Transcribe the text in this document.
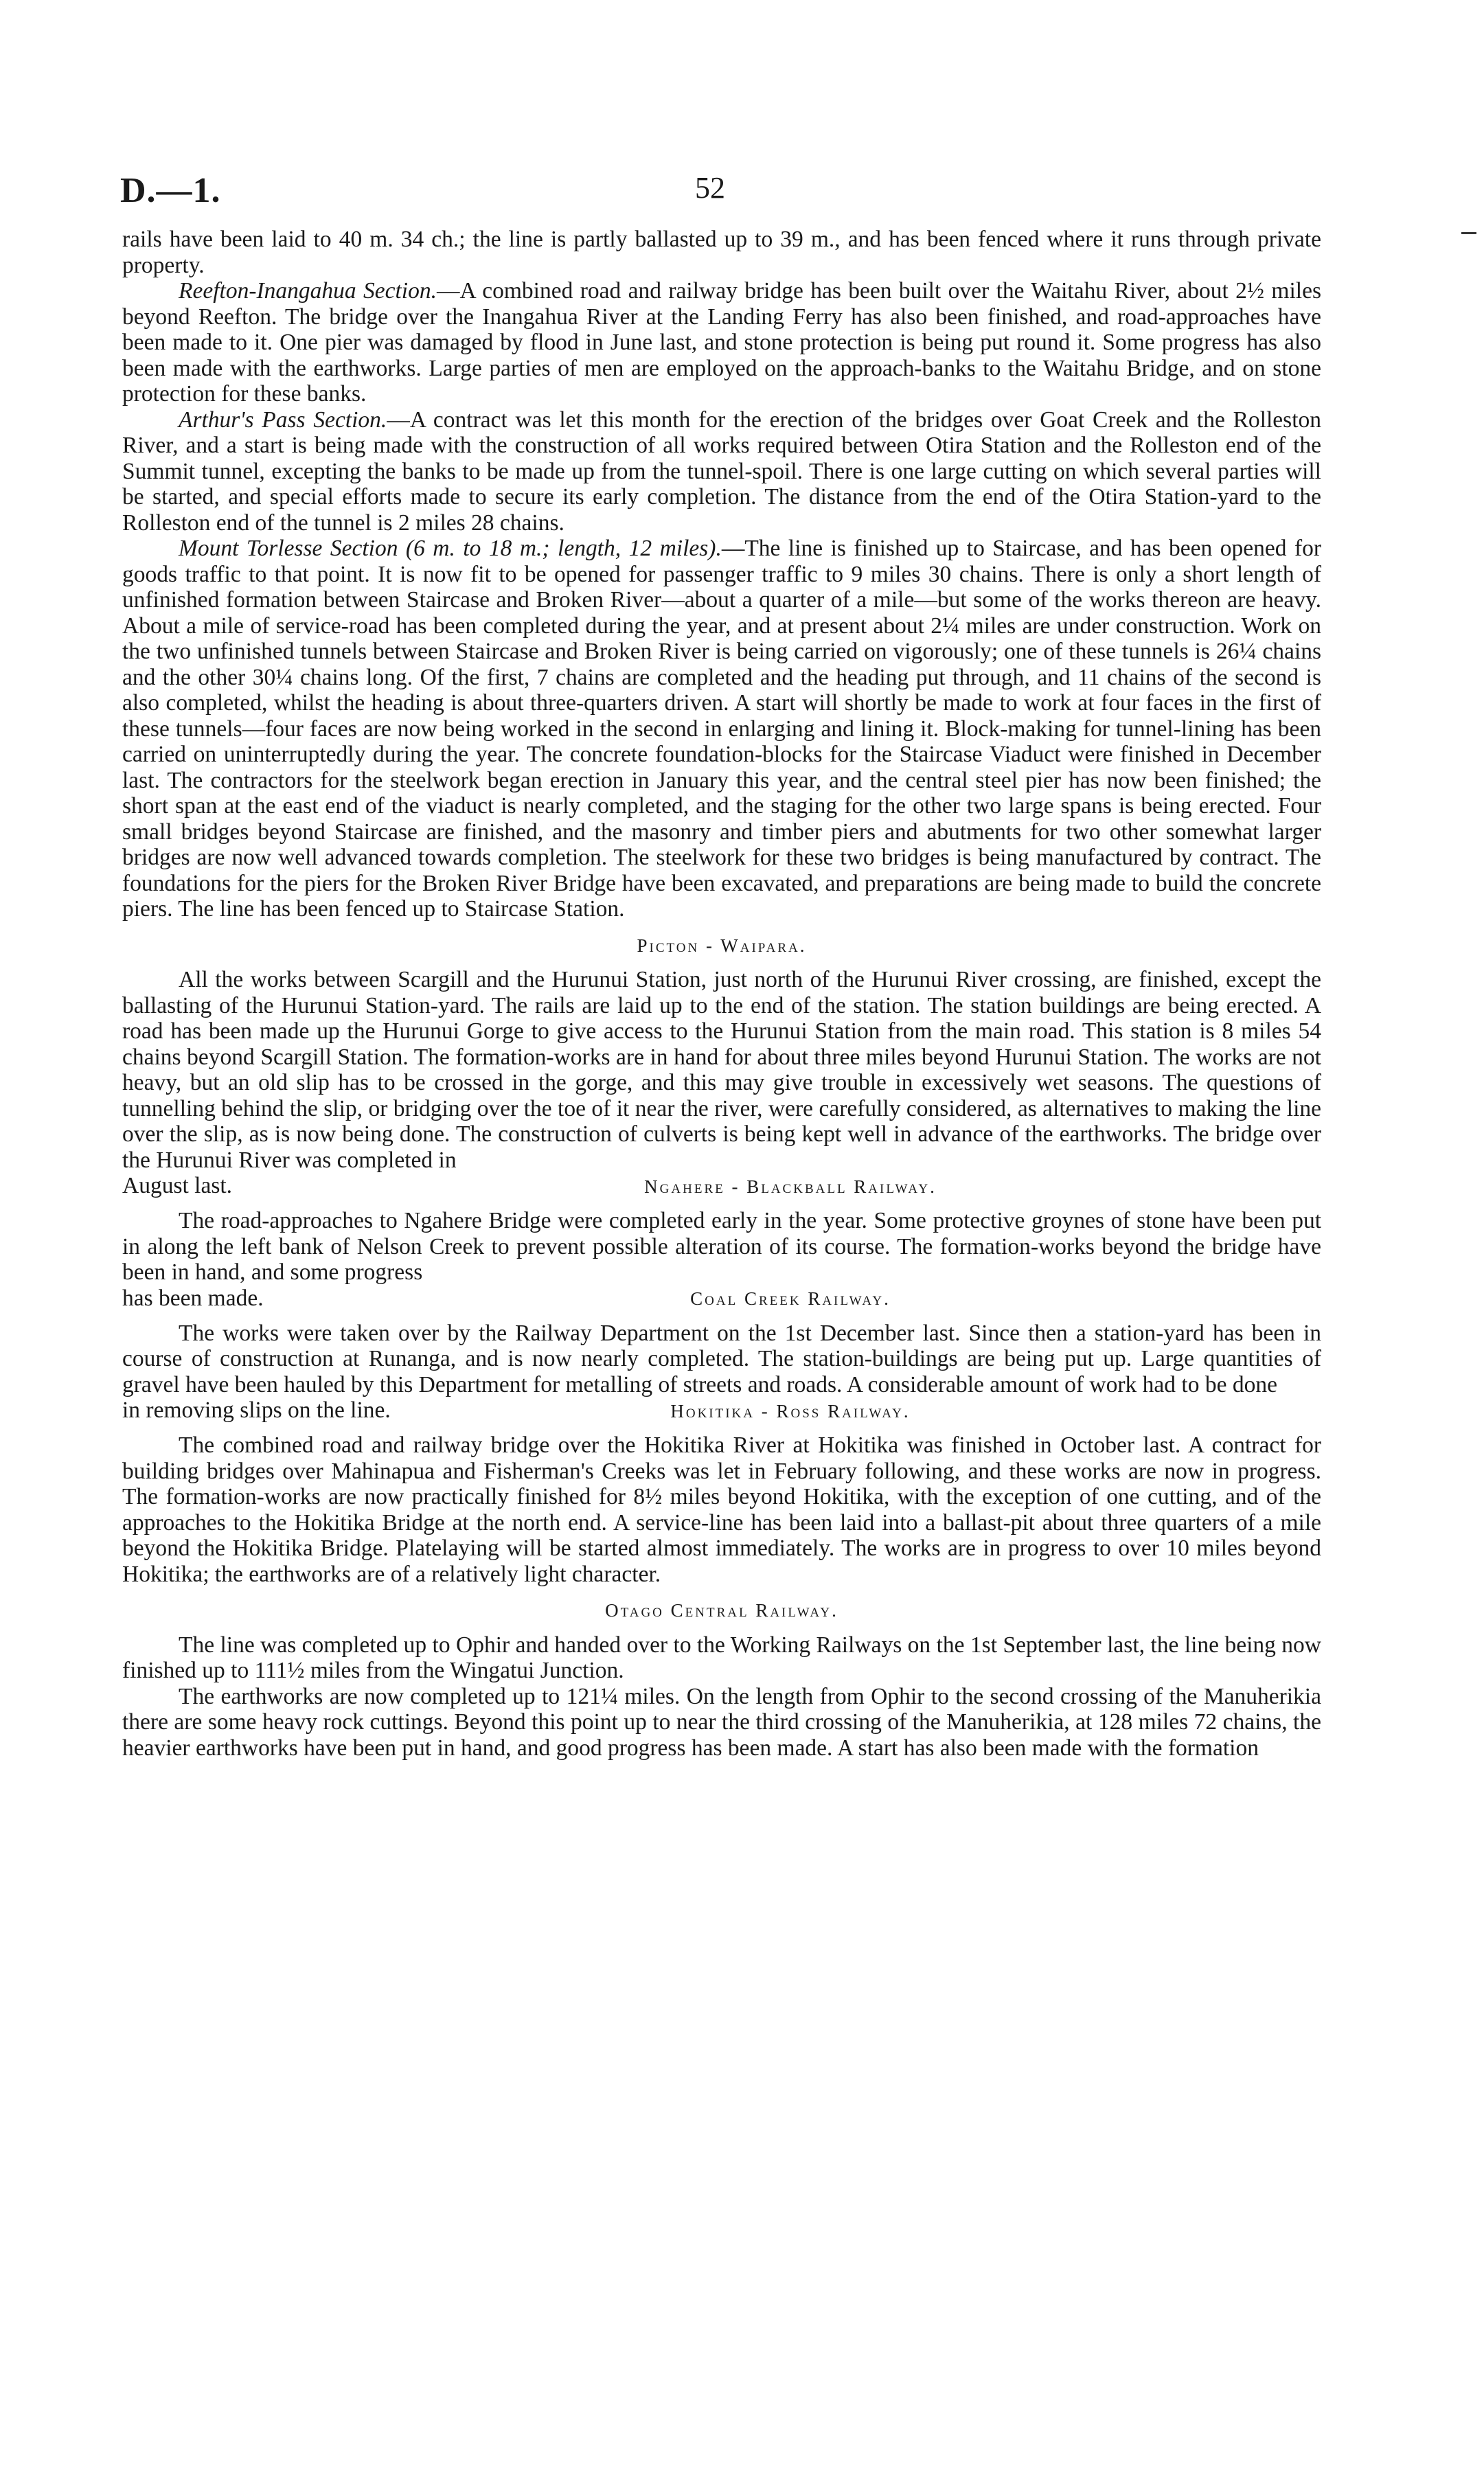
D.—1.	52

rails have been laid to 40 m. 34 ch.; the line is partly ballasted up to 39 m., and has been fenced where it runs through private property.

Reefton-Inangahua Section.—A combined road and railway bridge has been built over the Waitahu River, about 2½ miles beyond Reefton. The bridge over the Inangahua River at the Landing Ferry has also been finished, and road-approaches have been made to it. One pier was damaged by flood in June last, and stone protection is being put round it. Some progress has also been made with the earthworks. Large parties of men are employed on the approach-banks to the Waitahu Bridge, and on stone protection for these banks.

Arthur's Pass Section.—A contract was let this month for the erection of the bridges over Goat Creek and the Rolleston River, and a start is being made with the construction of all works required between Otira Station and the Rolleston end of the Summit tunnel, excepting the banks to be made up from the tunnel-spoil. There is one large cutting on which several parties will be started, and special efforts made to secure its early completion. The distance from the end of the Otira Station-yard to the Rolleston end of the tunnel is 2 miles 28 chains.

Mount Torlesse Section (6 m. to 18 m.; length, 12 miles).—The line is finished up to Staircase, and has been opened for goods traffic to that point. It is now fit to be opened for passenger traffic to 9 miles 30 chains. There is only a short length of unfinished formation between Staircase and Broken River—about a quarter of a mile—but some of the works thereon are heavy. About a mile of service-road has been completed during the year, and at present about 2¼ miles are under construction. Work on the two unfinished tunnels between Staircase and Broken River is being carried on vigorously; one of these tunnels is 26¼ chains and the other 30¼ chains long. Of the first, 7 chains are completed and the heading put through, and 11 chains of the second is also completed, whilst the heading is about three-quarters driven. A start will shortly be made to work at four faces in the first of these tunnels—four faces are now being worked in the second in enlarging and lining it. Block-making for tunnel-lining has been carried on uninterruptedly during the year. The concrete foundation-blocks for the Staircase Viaduct were finished in December last. The contractors for the steelwork began erection in January this year, and the central steel pier has now been finished; the short span at the east end of the viaduct is nearly completed, and the staging for the other two large spans is being erected. Four small bridges beyond Staircase are finished, and the masonry and timber piers and abutments for two other somewhat larger bridges are now well advanced towards completion. The steelwork for these two bridges is being manufactured by contract. The foundations for the piers for the Broken River Bridge have been excavated, and preparations are being made to build the concrete piers. The line has been fenced up to Staircase Station.

Picton - Waipara.

All the works between Scargill and the Hurunui Station, just north of the Hurunui River crossing, are finished, except the ballasting of the Hurunui Station-yard. The rails are laid up to the end of the station. The station buildings are being erected. A road has been made up the Hurunui Gorge to give access to the Hurunui Station from the main road. This station is 8 miles 54 chains beyond Scargill Station. The formation-works are in hand for about three miles beyond Hurunui Station. The works are not heavy, but an old slip has to be crossed in the gorge, and this may give trouble in excessively wet seasons. The questions of tunnelling behind the slip, or bridging over the toe of it near the river, were carefully considered, as alternatives to making the line over the slip, as is now being done. The construction of culverts is being kept well in advance of the earthworks. The bridge over the Hurunui River was completed in

August last.	Ngahere - Blackball Railway.

The road-approaches to Ngahere Bridge were completed early in the year. Some protective groynes of stone have been put in along the left bank of Nelson Creek to prevent possible alteration of its course. The formation-works beyond the bridge have been in hand, and some progress

has been made.	Coal Creek Railway.

The works were taken over by the Railway Department on the 1st December last. Since then a station-yard has been in course of construction at Runanga, and is now nearly completed. The station-buildings are being put up. Large quantities of gravel have been hauled by this Department for metalling of streets and roads. A considerable amount of work had to be done

in removing slips on the line.	Hokitika - Ross Railway.

The combined road and railway bridge over the Hokitika River at Hokitika was finished in October last. A contract for building bridges over Mahinapua and Fisherman's Creeks was let in February following, and these works are now in progress. The formation-works are now practically finished for 8½ miles beyond Hokitika, with the exception of one cutting, and of the approaches to the Hokitika Bridge at the north end. A service-line has been laid into a ballast-pit about three quarters of a mile beyond the Hokitika Bridge. Platelaying will be started almost immediately. The works are in progress to over 10 miles beyond Hokitika; the earthworks are of a relatively light character.

Otago Central Railway.

The line was completed up to Ophir and handed over to the Working Railways on the 1st September last, the line being now finished up to 111½ miles from the Wingatui Junction.

The earthworks are now completed up to 121¼ miles. On the length from Ophir to the second crossing of the Manuherikia there are some heavy rock cuttings. Beyond this point up to near the third crossing of the Manuherikia, at 128 miles 72 chains, the heavier earthworks have been put in hand, and good progress has been made. A start has also been made with the formation
